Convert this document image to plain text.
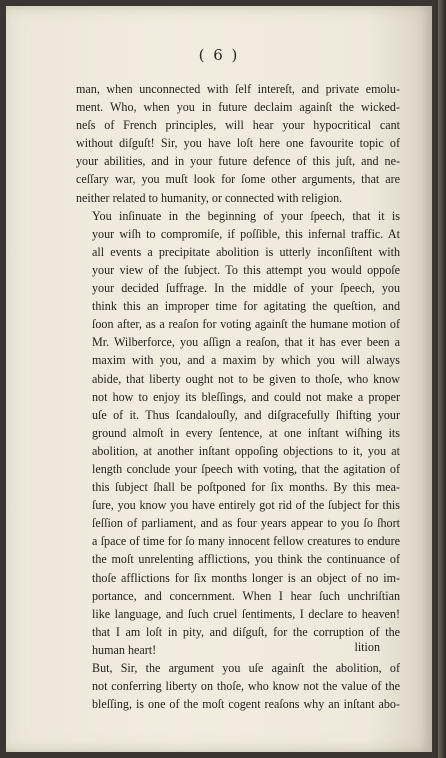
( 6 )

man, when unconnected with ſelf intereſt, and private emolu-
ment. Who, when you in future declaim againſt the wicked-
neſs of French principles, will hear your hypocritical cant
without diſguſt! Sir, you have loſt here one favourite topic of
your abilities, and in your future defence of this juſt, and ne-
ceſſary war, you muſt look for ſome other arguments, that are
neither related to humanity, or connected with religion.

You inſinuate in the beginning of your ſpeech, that it is
your wiſh to compromiſe, if poſſible, this infernal traffic. At
all events a precipitate abolition is utterly inconſiſtent with
your view of the ſubject. To this attempt you would oppoſe
your decided ſuffrage. In the middle of your ſpeech, you
think this an improper time for agitating the queſtion, and
ſoon after, as a reaſon for voting againſt the humane motion of
Mr. Wilberforce, you aſſign a reaſon, that it has ever been a
maxim with you, and a maxim by which you will always
abide, that liberty ought not to be given to thoſe, who know
not how to enjoy its bleſſings, and could not make a proper
uſe of it. Thus ſcandalouſly, and diſgracefully ſhifting your
ground almoſt in every ſentence, at one inſtant wiſhing its
abolition, at another inſtant oppoſing objections to it, you at
length conclude your ſpeech with voting, that the agitation of
this ſubject ſhall be poſtponed for ſix months. By this mea-
ſure, you know you have entirely got rid of the ſubject for this
ſeſſion of parliament, and as four years appear to you ſo ſhort
a ſpace of time for ſo many innocent fellow creatures to endure
the moſt unrelenting afflictions, you think the continuance of
thoſe afflictions for ſix months longer is an object of no im-
portance, and concernment. When I hear ſuch unchriſtian
like language, and ſuch cruel ſentiments, I declare to heaven!
that I am loſt in pity, and diſguſt, for the corruption of the
human heart!

But, Sir, the argument you uſe againſt the abolition, of
not conferring liberty on thoſe, who know not the value of the
bleſſing, is one of the moſt cogent reaſons why an inſtant abo-

lition
